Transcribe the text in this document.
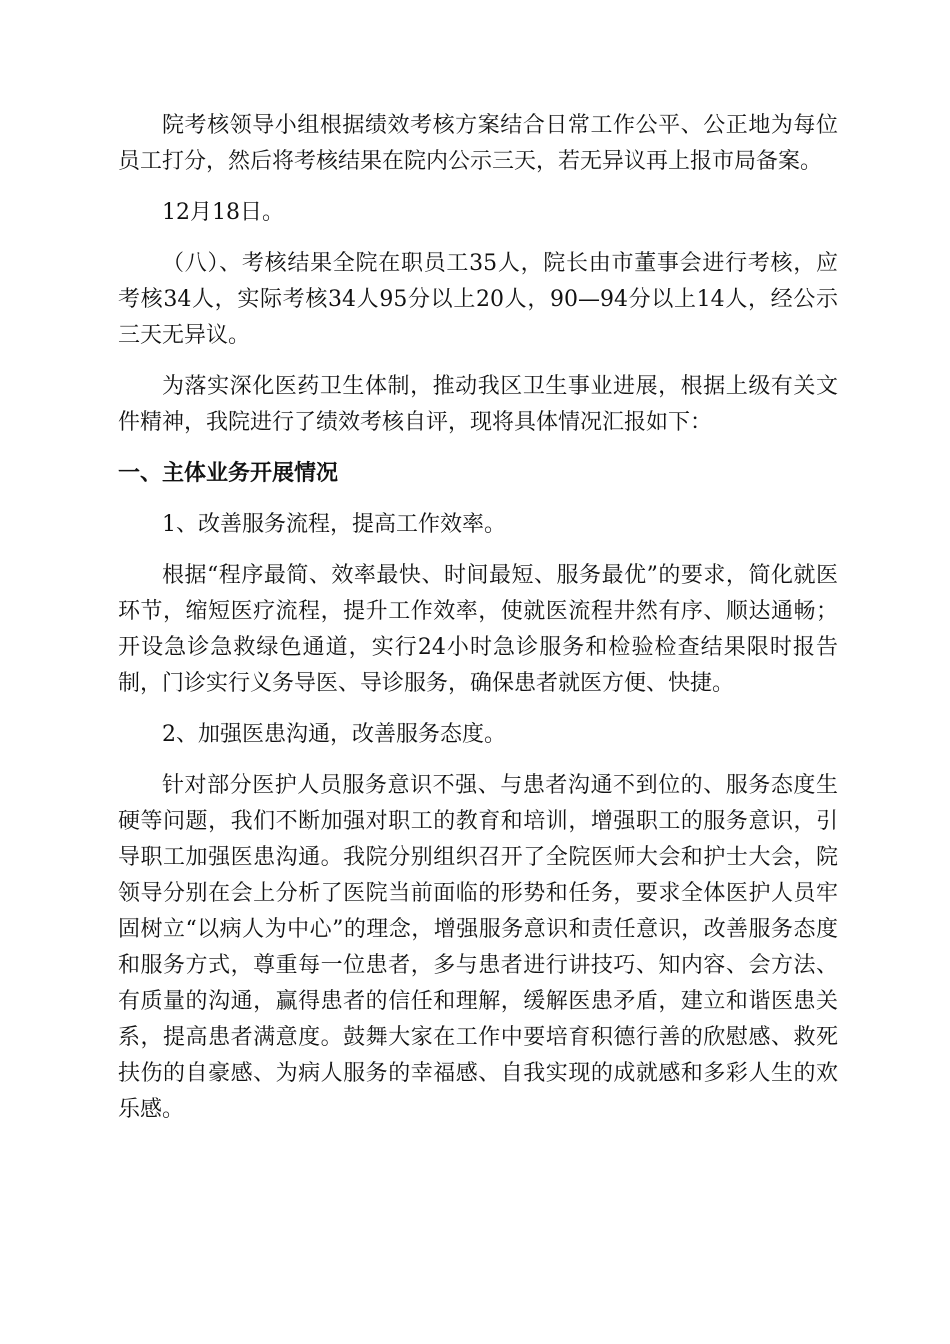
院考核领导小组根据绩效考核方案结合日常工作公平、公正地为每位员工打分，然后将考核结果在院内公示三天，若无异议再上报市局备案。

12月18日。

（八）、考核结果全院在职员工35人，院长由市董事会进行考核，应考核34人，实际考核34人95分以上20人，90—94分以上14人，经公示三天无异议。

为落实深化医药卫生体制，推动我区卫生事业进展，根据上级有关文件精神，我院进行了绩效考核自评，现将具体情况汇报如下：

一、主体业务开展情况

1、改善服务流程，提高工作效率。

根据“程序最简、效率最快、时间最短、服务最优”的要求，简化就医环节，缩短医疗流程，提升工作效率，使就医流程井然有序、顺达通畅；开设急诊急救绿色通道，实行24小时急诊服务和检验检查结果限时报告制，门诊实行义务导医、导诊服务，确保患者就医方便、快捷。

2、加强医患沟通，改善服务态度。

针对部分医护人员服务意识不强、与患者沟通不到位的、服务态度生硬等问题，我们不断加强对职工的教育和培训，增强职工的服务意识，引导职工加强医患沟通。我院分别组织召开了全院医师大会和护士大会，院领导分别在会上分析了医院当前面临的形势和任务，要求全体医护人员牢固树立“以病人为中心”的理念，增强服务意识和责任意识，改善服务态度和服务方式，尊重每一位患者，多与患者进行讲技巧、知内容、会方法、有质量的沟通，赢得患者的信任和理解，缓解医患矛盾，建立和谐医患关系，提高患者满意度。鼓舞大家在工作中要培育积德行善的欣慰感、救死扶伤的自豪感、为病人服务的幸福感、自我实现的成就感和多彩人生的欢乐感。
